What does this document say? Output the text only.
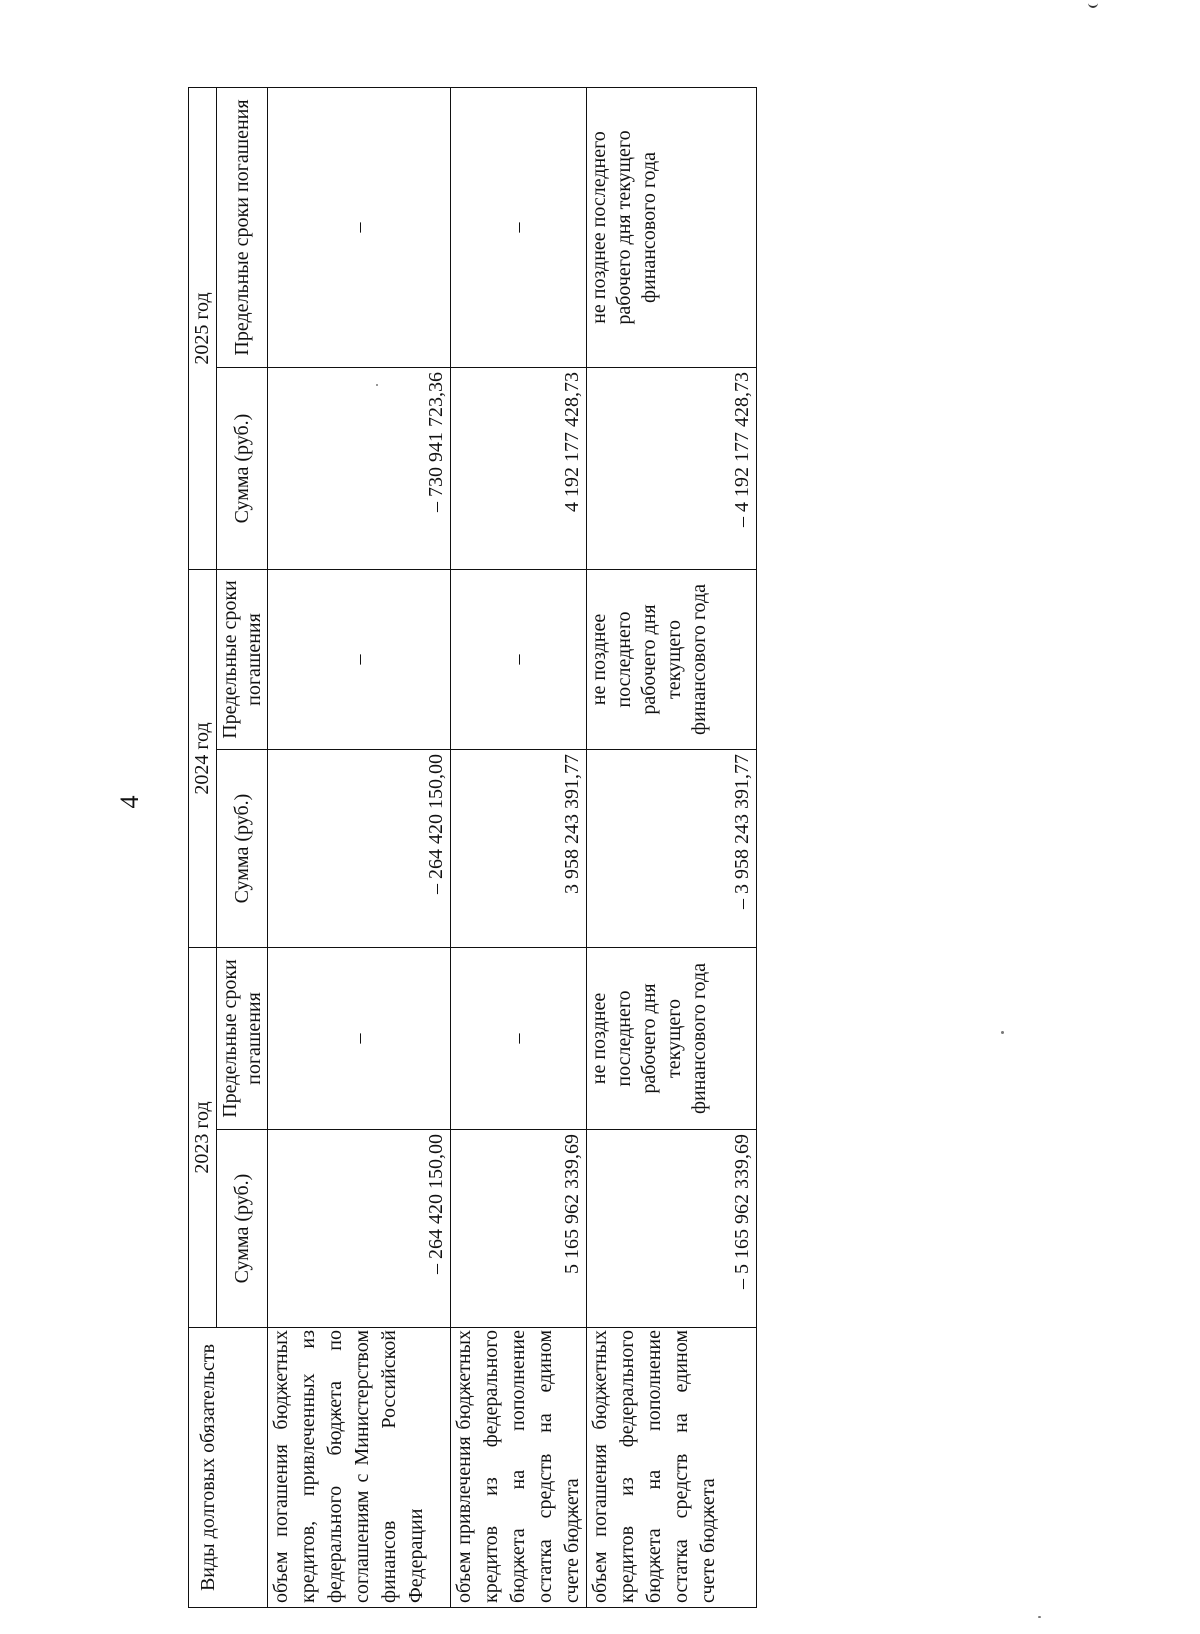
4
Виды долговых обязательств	2023 год		2024 год		2025 год	
	Сумма (руб.)	Предельные сроки погашения	Сумма (руб.)	Предельные сроки погашения	Сумма (руб.)	Предельные сроки погашения
объем погашения бюджетных кредитов, привлеченных из федерального бюджета по соглашениям с Министерством финансов Российской Федерации	– 264 420 150,00	–	– 264 420 150,00	–	– 730 941 723,36	–
объем привлечения бюджетных кредитов из федерального бюджета на пополнение остатка средств на едином счете бюджета	5 165 962 339,69	–	3 958 243 391,77	–	4 192 177 428,73	–
объем погашения бюджетных кредитов из федерального бюджета на пополнение остатка средств на едином счете бюджета	– 5 165 962 339,69	не позднее последнего рабочего дня текущего финансового года	– 3 958 243 391,77	не позднее последнего рабочего дня текущего финансового года	– 4 192 177 428,73	не позднее последнего рабочего дня текущего финансового года
